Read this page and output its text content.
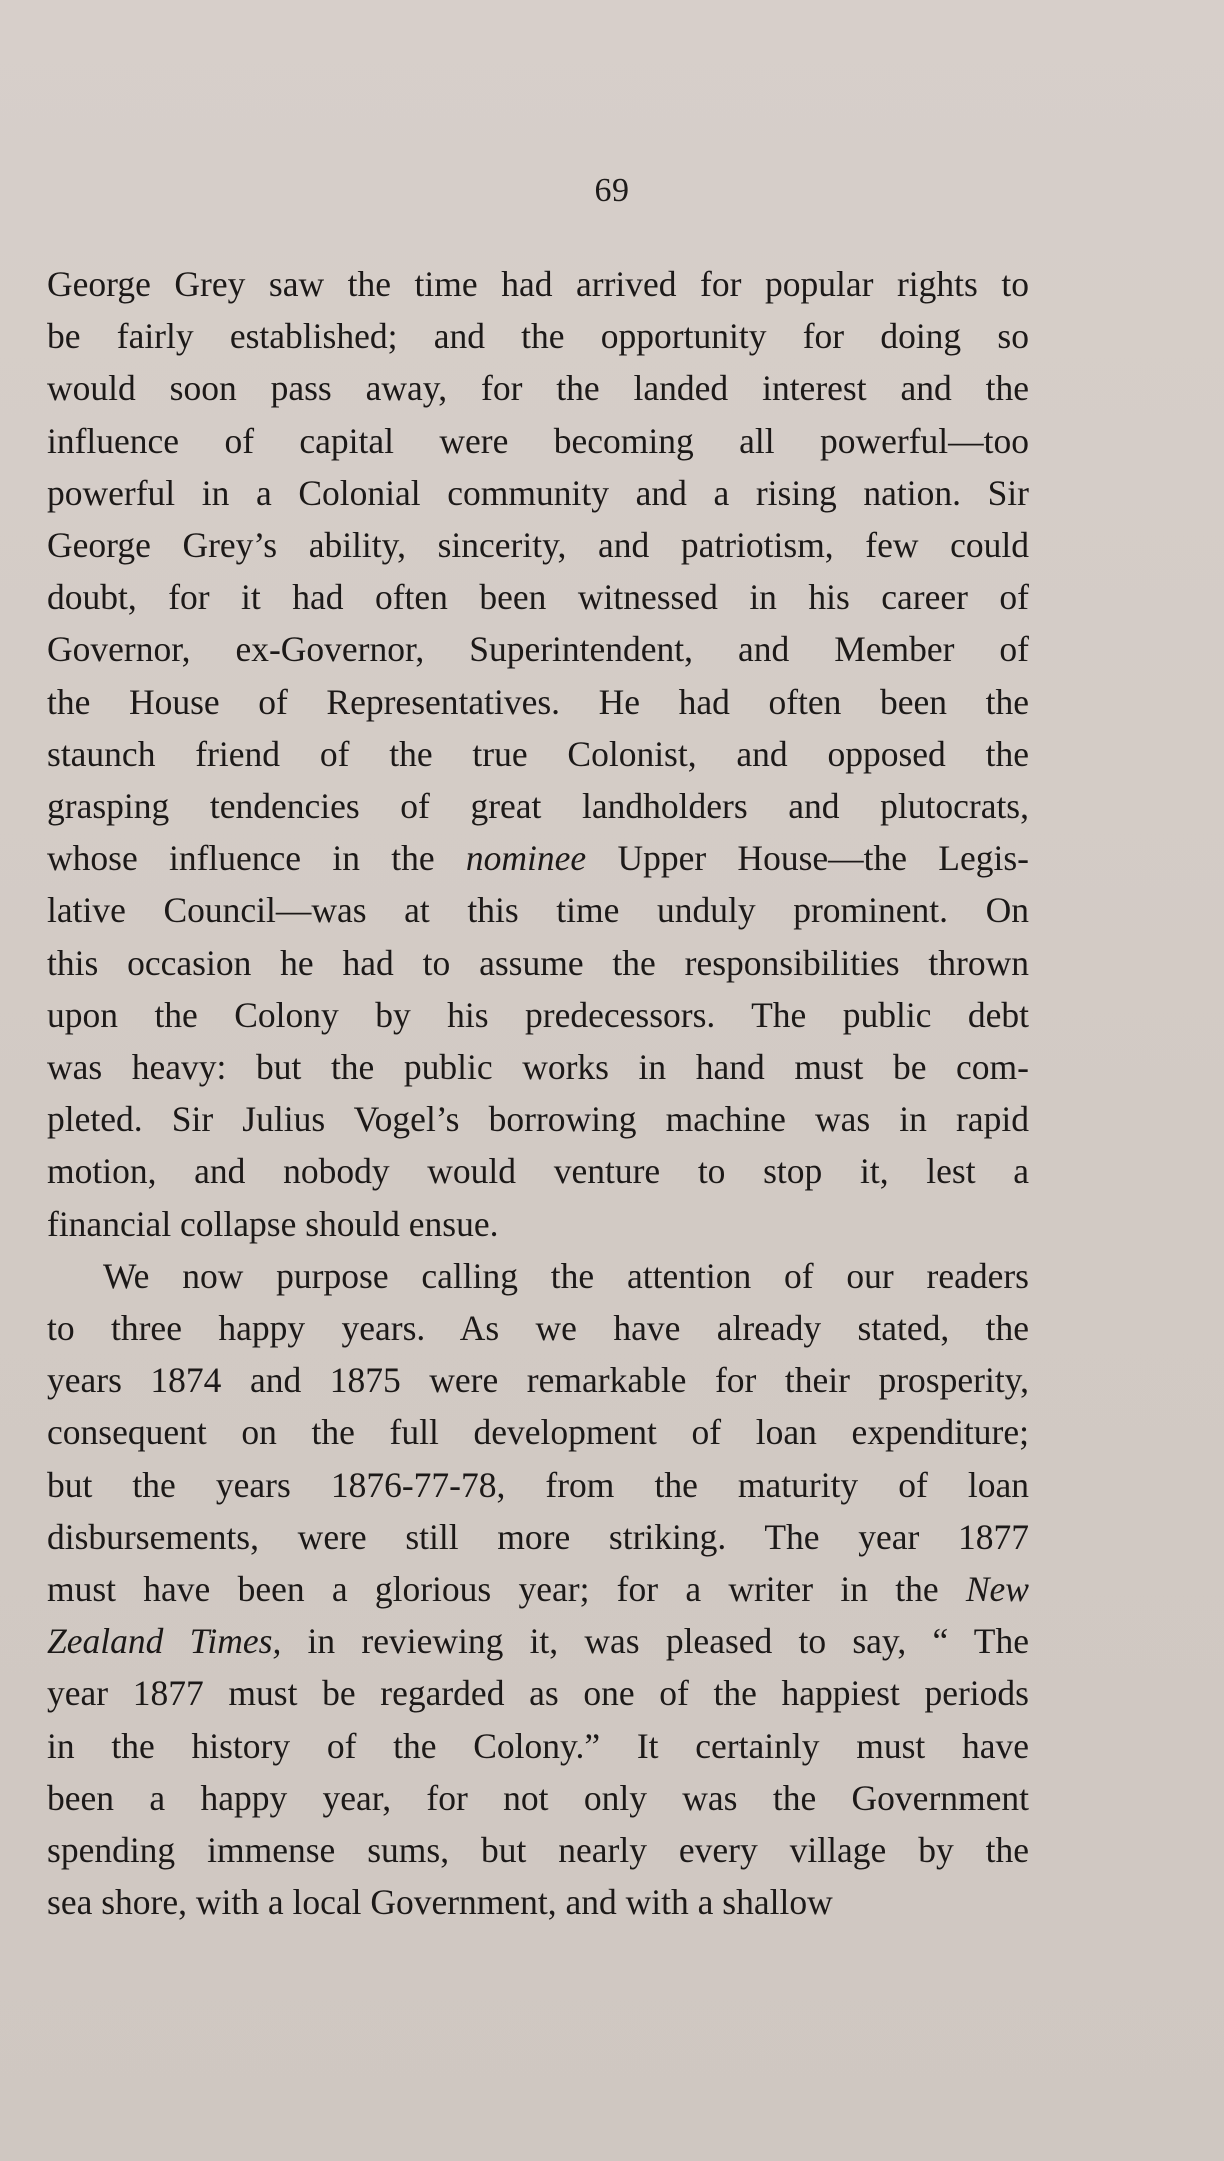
69
George Grey saw the time had arrived for popular rights to
be fairly established; and the opportunity for doing so
would soon pass away, for the landed interest and the
influence of capital were becoming all powerful—too
powerful in a Colonial community and a rising nation. Sir
George Grey’s ability, sincerity, and patriotism, few could
doubt, for it had often been witnessed in his career of
Governor, ex-Governor, Superintendent, and Member of
the House of Representatives. He had often been the
staunch friend of the true Colonist, and opposed the
grasping tendencies of great landholders and plutocrats,
whose influence in the nominee Upper House—the Legis-
lative Council—was at this time unduly prominent. On
this occasion he had to assume the responsibilities thrown
upon the Colony by his predecessors. The public debt
was heavy: but the public works in hand must be com-
pleted. Sir Julius Vogel’s borrowing machine was in rapid
motion, and nobody would venture to stop it, lest a
financial collapse should ensue.
We now purpose calling the attention of our readers
to three happy years. As we have already stated, the
years 1874 and 1875 were remarkable for their prosperity,
consequent on the full development of loan expenditure;
but the years 1876-77-78, from the maturity of loan
disbursements, were still more striking. The year 1877
must have been a glorious year; for a writer in the New
Zealand Times, in reviewing it, was pleased to say, “ The
year 1877 must be regarded as one of the happiest periods
in the history of the Colony.” It certainly must have
been a happy year, for not only was the Government
spending immense sums, but nearly every village by the
sea shore, with a local Government, and with a shallow
